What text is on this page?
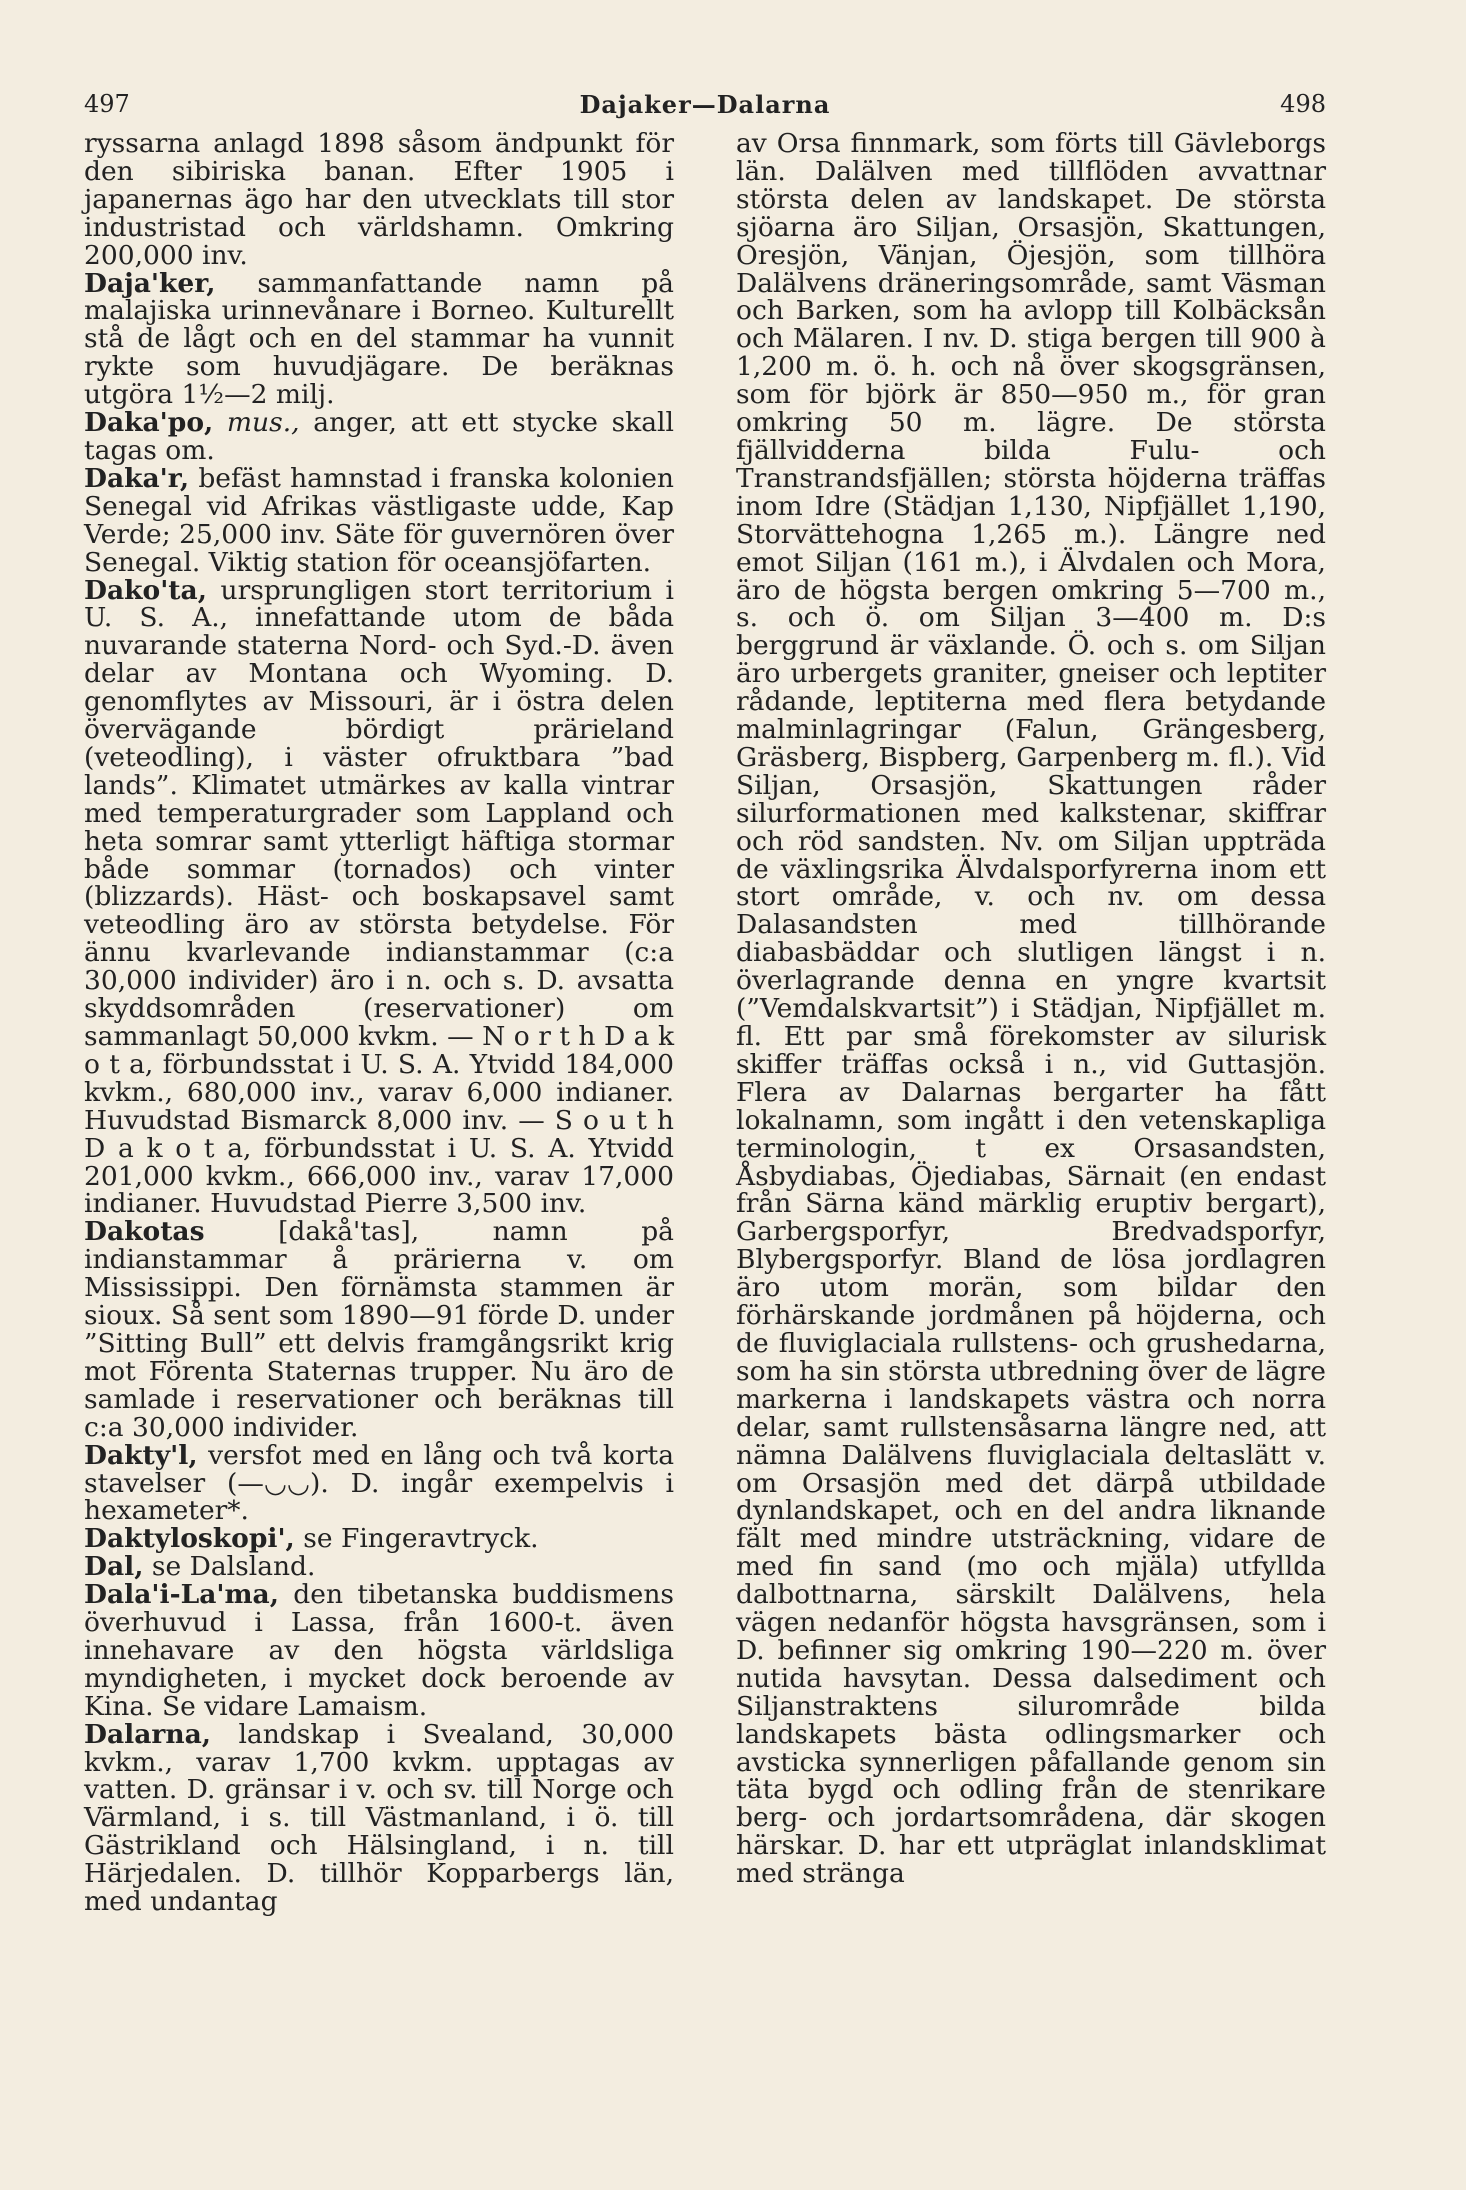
497	Dajaker—Dalarna	498

ryssarna anlagd 1898 såsom ändpunkt för den sibiriska banan. Efter 1905 i japanernas ägo har den utvecklats till stor industristad och världshamn. Omkring 200,000 inv.

Daja'ker, sammanfattande namn på malajiska urinnevånare i Borneo. Kulturellt stå de lågt och en del stammar ha vunnit rykte som huvudjägare. De beräknas utgöra 1½—2 milj.

Daka'po, mus., anger, att ett stycke skall tagas om.

Daka'r, befäst hamnstad i franska kolonien Senegal vid Afrikas västligaste udde, Kap Verde; 25,000 inv. Säte för guvernören över Senegal. Viktig station för oceansjöfarten.

Dako'ta, ursprungligen stort territorium i U. S. A., innefattande utom de båda nuvarande staterna Nord- och Syd.-D. även delar av Montana och Wyoming. D. genomflytes av Missouri, är i östra delen övervägande bördigt prärieland (veteodling), i väster ofruktbara ”bad lands”. Klimatet utmärkes av kalla vintrar med temperaturgrader som Lappland och heta somrar samt ytterligt häftiga stormar både sommar (tornados) och vinter (blizzards). Häst- och boskapsavel samt veteodling äro av största betydelse. För ännu kvarlevande indianstammar (c:a 30,000 individer) äro i n. och s. D. avsatta skyddsområden (reservationer) om sammanlagt 50,000 kvkm. — N o r t h D a k o t a, förbundsstat i U. S. A. Ytvidd 184,000 kvkm., 680,000 inv., varav 6,000 indianer. Huvudstad Bismarck 8,000 inv. — S o u t h D a k o t a, förbundsstat i U. S. A. Ytvidd 201,000 kvkm., 666,000 inv., varav 17,000 indianer. Huvudstad Pierre 3,500 inv.

Dakotas	[dakå'tas], namn på indianstammar å prärierna v. om Mississippi. Den förnämsta stammen är sioux. Så sent som 1890—91 förde D. under ”Sitting Bull” ett delvis framgångsrikt krig mot Förenta Staternas trupper. Nu äro de samlade i reservationer och beräknas till c:a 30,000 individer.

Dakty'l, versfot med en lång och två korta stavelser (—◡◡). D. ingår exempelvis i hexameter*.

Daktyloskopi', se Fingeravtryck.

Dal, se Dalsland.

Dala'i-La'ma, den tibetanska buddismens överhuvud i Lassa, från 1600-t. även innehavare av den högsta världsliga myndigheten, i mycket dock beroende av Kina. Se vidare Lamaism.

Dalarna, landskap i Svealand, 30,000 kvkm., varav 1,700 kvkm. upptagas av vatten. D. gränsar i v. och sv. till Norge och Värmland, i s. till Västmanland, i ö. till Gästrikland och Hälsingland, i n. till Härjedalen. D. tillhör Kopparbergs län, med undantag

av Orsa finnmark, som förts till Gävleborgs län. Dalälven med tillflöden avvattnar största delen av landskapet. De största sjöarna äro Siljan, Orsasjön, Skattungen, Oresjön, Vänjan, Öjesjön, som tillhöra Dalälvens dräneringsområde, samt Väsman och Barken, som ha avlopp till Kolbäcksån och Mälaren. I nv. D. stiga bergen till 900 à 1,200 m. ö. h. och nå över skogsgränsen, som för björk är 850—950 m., för gran omkring 50 m. lägre. De största fjällvidderna bilda Fulu- och Transtrandsfjällen; största höjderna träffas inom Idre (Städjan 1,130, Nipfjället 1,190, Storvättehogna 1,265 m.). Längre ned emot Siljan (161 m.), i Älvdalen och Mora, äro de högsta bergen omkring 5—700 m., s. och ö. om Siljan 3—400 m. D:s berggrund är växlande. Ö. och s. om Siljan äro urbergets graniter, gneiser och leptiter rådande, leptiterna med flera betydande malminlagringar (Falun, Grängesberg, Gräsberg, Bispberg, Garpenberg m. fl.). Vid Siljan, Orsasjön, Skattungen råder silurformationen med kalkstenar, skiffrar och röd sandsten. Nv. om Siljan uppträda de växlingsrika Älvdalsporfyrerna inom ett stort område, v. och nv. om dessa Dalasandsten med tillhörande diabasbäddar och slutligen längst i n. överlagrande denna en yngre kvartsit (”Vemdalskvartsit”) i Städjan, Nipfjället m. fl. Ett par små förekomster av silurisk skiffer träffas också i n., vid Guttasjön. Flera av Dalarnas bergarter ha fått lokalnamn, som ingått i den vetenskapliga terminologin, t ex Orsasandsten, Åsbydiabas, Öjediabas, Särnait (en endast från Särna känd märklig eruptiv bergart), Garbergsporfyr, Bredvadsporfyr, Blybergsporfyr. Bland de lösa jordlagren äro utom morän, som bildar den förhärskande jordmånen på höjderna, och de fluviglaciala rullstens- och grushedarna, som ha sin största utbredning över de lägre markerna i landskapets västra och norra delar, samt rullstensåsarna längre ned, att nämna Dalälvens fluviglaciala deltaslätt v. om Orsasjön med det därpå utbildade dynlandskapet, och en del andra liknande fält med mindre utsträckning, vidare de med fin sand (mo och mjäla) utfyllda dalbottnarna, särskilt Dalälvens, hela vägen nedanför högsta havsgränsen, som i D. befinner sig omkring 190—220 m. över nutida havsytan. Dessa dalsediment och Siljanstraktens silurområde bilda landskapets bästa odlingsmarker och avsticka synnerligen påfallande genom sin täta bygd och odling från de stenrikare berg- och jordartsområdena, där skogen härskar. D. har ett utpräglat inlandsklimat med stränga
